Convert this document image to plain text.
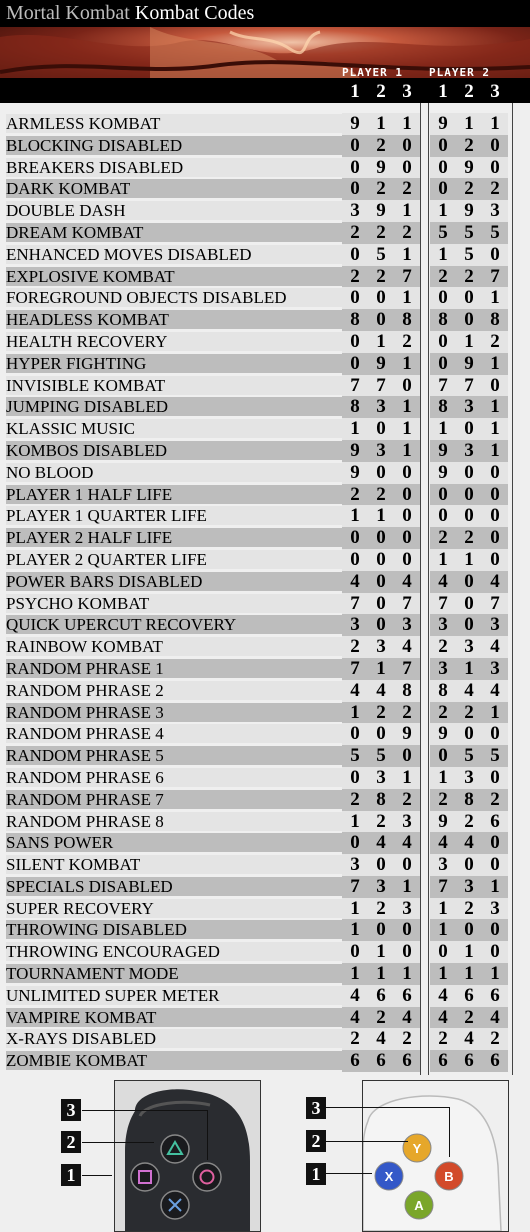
Mortal Kombat Kombat Codes
PLAYER 1 PLAYER 2
1 2 3	1 2 3
ARMLESS KOMBAT	9 1 1	9 1 1
BLOCKING DISABLED	0 2 0	0 2 0
BREAKERS DISABLED	0 9 0	0 9 0
DARK KOMBAT	0 2 2	0 2 2
DOUBLE DASH	3 9 1	1 9 3
DREAM KOMBAT	2 2 2	5 5 5
ENHANCED MOVES DISABLED	0 5 1	1 5 0
EXPLOSIVE KOMBAT	2 2 7	2 2 7
FOREGROUND OBJECTS DISABLED	0 0 1	0 0 1
HEADLESS KOMBAT	8 0 8	8 0 8
HEALTH RECOVERY	0 1 2	0 1 2
HYPER FIGHTING	0 9 1	0 9 1
INVISIBLE KOMBAT	7 7 0	7 7 0
JUMPING DISABLED	8 3 1	8 3 1
KLASSIC MUSIC	1 0 1	1 0 1
KOMBOS DISABLED	9 3 1	9 3 1
NO BLOOD	9 0 0	9 0 0
PLAYER 1 HALF LIFE	2 2 0	0 0 0
PLAYER 1 QUARTER LIFE	1 1 0	0 0 0
PLAYER 2 HALF LIFE	0 0 0	2 2 0
PLAYER 2 QUARTER LIFE	0 0 0	1 1 0
POWER BARS DISABLED	4 0 4	4 0 4
PSYCHO KOMBAT	7 0 7	7 0 7
QUICK UPERCUT RECOVERY	3 0 3	3 0 3
RAINBOW KOMBAT	2 3 4	2 3 4
RANDOM PHRASE 1	7 1 7	3 1 3
RANDOM PHRASE 2	4 4 8	8 4 4
RANDOM PHRASE 3	1 2 2	2 2 1
RANDOM PHRASE 4	0 0 9	9 0 0
RANDOM PHRASE 5	5 5 0	0 5 5
RANDOM PHRASE 6	0 3 1	1 3 0
RANDOM PHRASE 7	2 8 2	2 8 2
RANDOM PHRASE 8	1 2 3	9 2 6
SANS POWER	0 4 4	4 4 0
SILENT KOMBAT	3 0 0	3 0 0
SPECIALS DISABLED	7 3 1	7 3 1
SUPER RECOVERY	1 2 3	1 2 3
THROWING DISABLED	1 0 0	1 0 0
THROWING ENCOURAGED	0 1 0	0 1 0
TOURNAMENT MODE	1 1 1	1 1 1
UNLIMITED SUPER METER	4 6 6	4 6 6
VAMPIRE KOMBAT	4 2 4	4 2 4
X-RAYS DISABLED	2 4 2	2 4 2
ZOMBIE KOMBAT	6 6 6	6 6 6
3
2
1
Y
B
X
A
3
2
1
